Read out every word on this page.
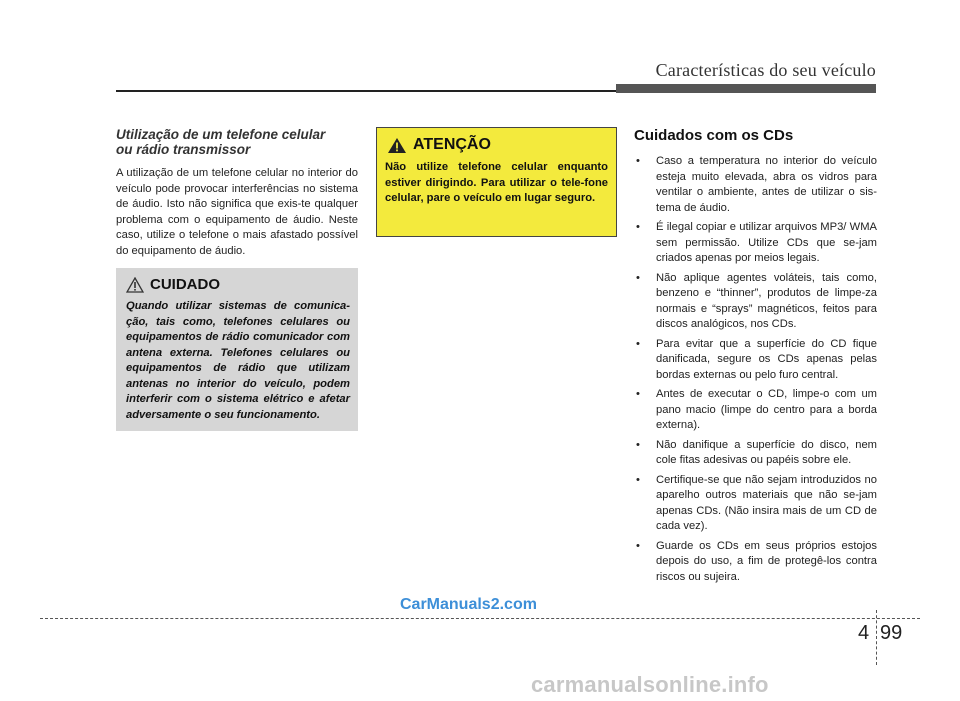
Características do seu veículo
Utilização de um telefone celular
ou rádio transmissor

A utilização de um telefone celular no interior do veículo pode provocar interferências no sistema de áudio. Isto não significa que exis-te qualquer problema com o equipamento de áudio. Neste caso, utilize o telefone o mais afastado possível do equipamento de áudio.

CUIDADO

Quando utilizar sistemas de comunica-ção, tais como, telefones celulares ou equipamentos de rádio comunicador com antena externa. Telefones celulares ou equipamentos de rádio que utilizam antenas no interior do veículo, podem interferir com o sistema elétrico e afetar adversamente o seu funcionamento.

ATENÇÃO

Não utilize telefone celular enquanto estiver dirigindo. Para utilizar o tele-fone celular, pare o veículo em lugar seguro.

Cuidados com os CDs
•	Caso a temperatura no interior do veículo esteja muito elevada, abra os vidros para ventilar o ambiente, antes de utilizar o sis-tema de áudio.
•	É ilegal copiar e utilizar arquivos MP3/ WMA sem permissão. Utilize CDs que se-jam criados apenas por meios legais.
•	Não aplique agentes voláteis, tais como, benzeno e “thinner”, produtos de limpe-za normais e “sprays” magnéticos, feitos para discos analógicos, nos CDs.
•	Para evitar que a superfície do CD fique danificada, segure os CDs apenas pelas bordas externas ou pelo furo central.
•	Antes de executar o CD, limpe-o com um pano macio (limpe do centro para a borda externa).
•	Não danifique a superfície do disco, nem cole fitas adesivas ou papéis sobre ele.
•	Certifique-se que não sejam introduzidos no aparelho outros materiais que não se-jam apenas CDs. (Não insira mais de um CD de cada vez).
•	Guarde os CDs em seus próprios estojos depois do uso, a fim de protegê-los contra riscos ou sujeira.
4 99
CarManuals2.com
carmanualsonline.info
